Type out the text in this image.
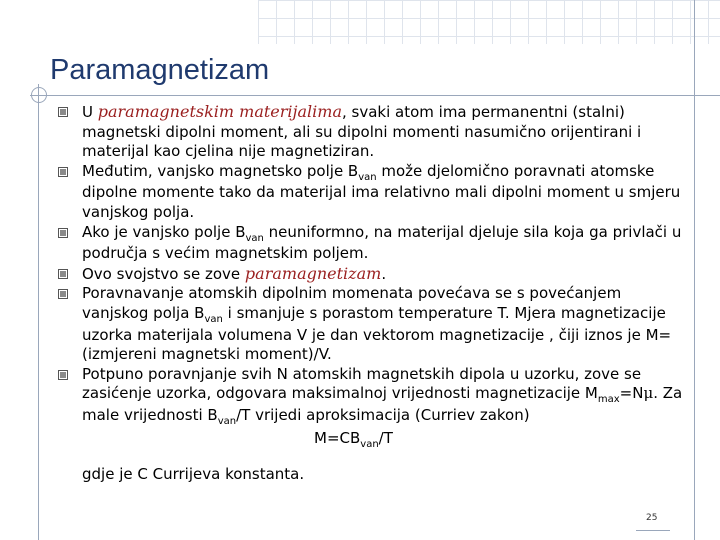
Paramagnetizam

U paramagnetskim materijalima, svaki atom ima permanentni (stalni) magnetski dipolni moment, ali su dipolni momenti nasumično orijentirani i materijal kao cjelina nije magnetiziran.

Međutim, vanjsko magnetsko polje $B_{van}$ može djelomično poravnati atomske dipolne momente tako da materijal ima relativno mali dipolni moment u smjeru vanjskog polja.

Ako je vanjsko polje $B_{van}$ neuniformno, na materijal djeluje sila koja ga privlači u područja s većim magnetskim poljem.

Ovo svojstvo se zove paramagnetizam.

Poravnavanje atomskih dipolnim momenata povećava se s povećanjem vanjskog polja $B_{van}$ i smanjuje s porastom temperature T. Mjera magnetizacije uzorka materijala volumena V je dan vektorom magnetizacije , čiji iznos je M=(izmjereni magnetski moment)/V.

Potpuno poravnjanje svih N atomskih magnetskih dipola u uzorku, zove se zasićenje uzorka, odgovara maksimalnoj vrijednosti magnetizacije $M_{max}=N\mu$. Za male vrijednosti $B_{van}/T$ vrijedi aproksimacija (Curriev zakon)

$M=CB_{van}/T$
gdje je C Currijeva konstanta.
25
